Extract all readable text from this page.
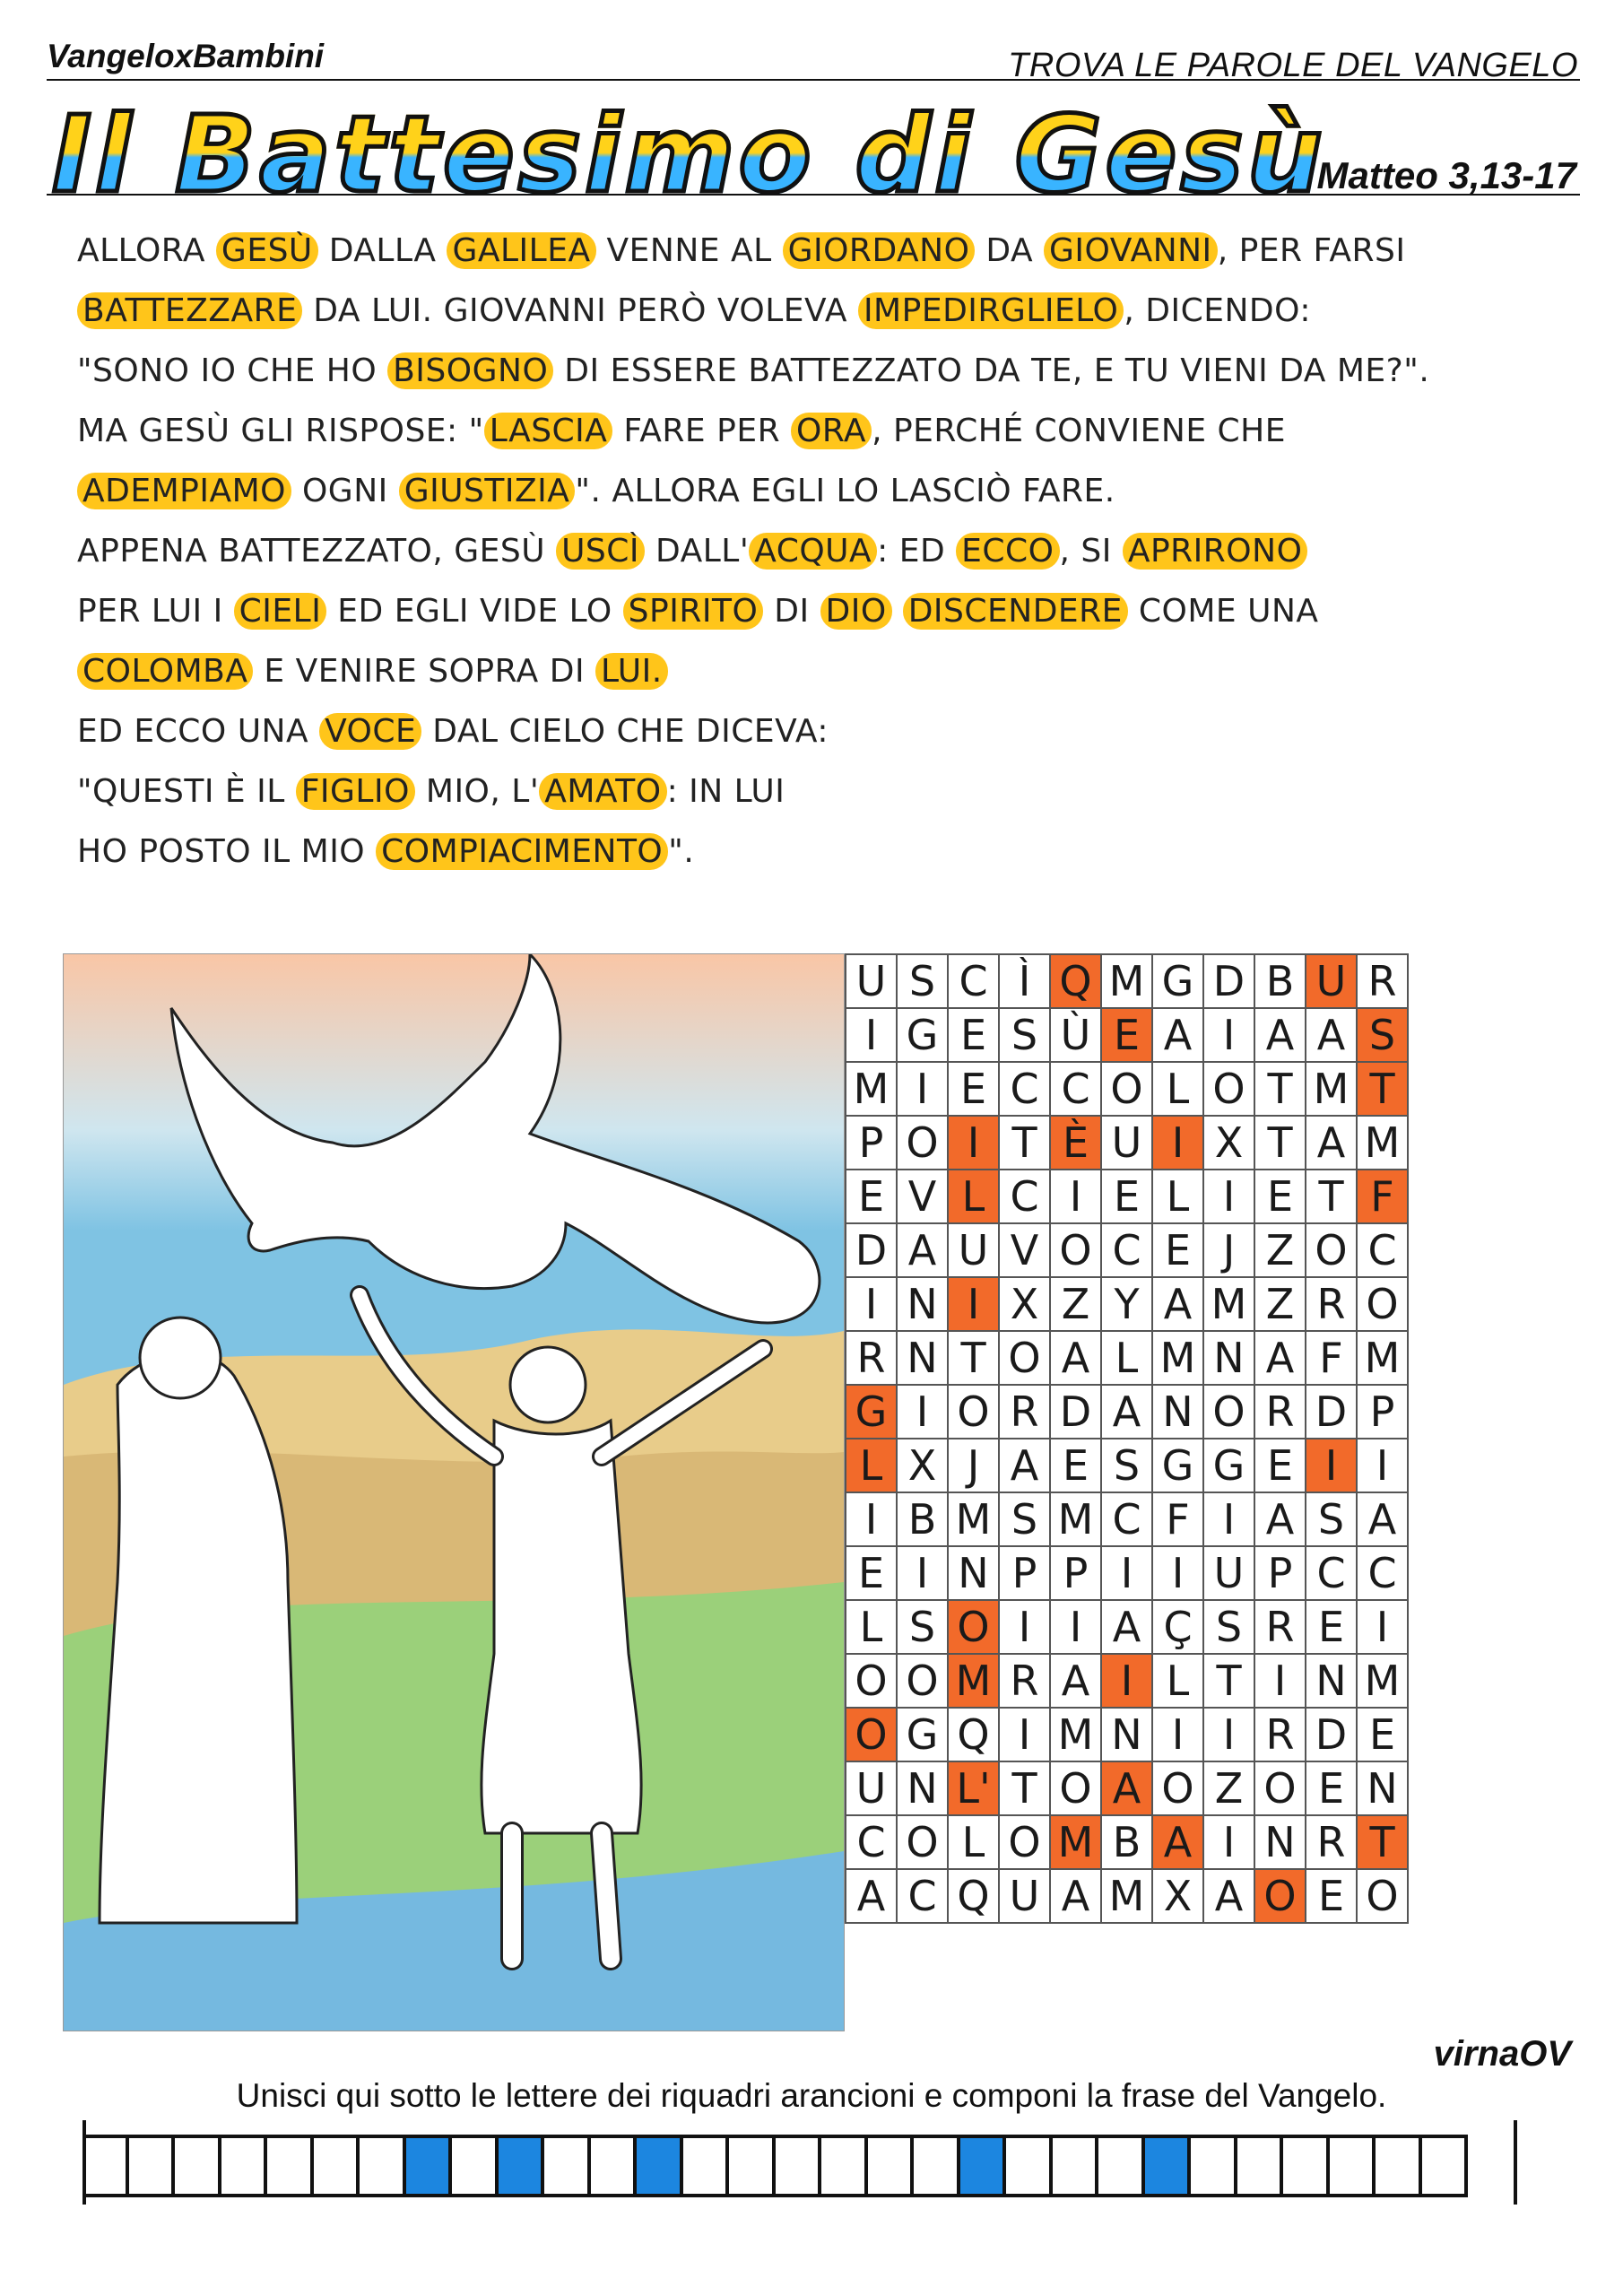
VangeloxBambini	TROVA LE PAROLE DEL VANGELO
Il Battesimo di Gesù
Matteo 3,13-17
ALLORA GESÙ DALLA GALILEA VENNE AL GIORDANO DA GIOVANNI , PER FARSI
BATTEZZARE DA LUI. GIOVANNI PERÒ VOLEVA IMPEDIRGLIELO , DICENDO:
"SONO IO CHE HO BISOGNO DI ESSERE BATTEZZATO DA TE, E TU VIENI DA ME?".
MA GESÙ GLI RISPOSE: " LASCIA FARE PER ORA , PERCHÉ CONVIENE CHE
ADEMPIAMO OGNI GIUSTIZIA ". ALLORA EGLI LO LASCIÒ FARE.
APPENA BATTEZZATO, GESÙ USCÌ DALL' ACQUA : ED ECCO , SI APRIRONO
PER LUI I CIELI ED EGLI VIDE LO SPIRITO DI DIO DISCENDERE COME UNA
COLOMBA E VENIRE SOPRA DI LUI.
ED ECCO UNA VOCE DAL CIELO CHE DICEVA:
"QUESTI È IL FIGLIO MIO, L' AMATO : IN LUI
HO POSTO IL MIO COMPIACIMENTO ".
U	S	C	Ì	Q	M	G	D	B	U	R
I	G	E	S	Ù	E	A	I	A	A	S
M	I	E	C	C	O	L	O	T	M	T
P	O	I	T	È	U	I	X	T	A	M
E	V	L	C	I	E	L	I	E	T	F
D	A	U	V	O	C	E	J	Z	O	C
I	N	I	X	Z	Y	A	M	Z	R	O
R	N	T	O	A	L	M	N	A	F	M
G	I	O	R	D	A	N	O	R	D	P
L	X	J	A	E	S	G	G	E	I	I
I	B	M	S	M	C	F	I	A	S	A
E	I	N	P	P	I	I	U	P	C	C
L	S	O	I	I	A	Ç	S	R	E	I
O	O	M	R	A	I	L	T	I	N	M
O	G	Q	I	M	N	I	I	R	D	E
U	N	L'	T	O	A	O	Z	O	E	N
C	O	L	O	M	B	A	I	N	R	T
A	C	Q	U	A	M	X	A	O	E	O
virnaOV
Unisci qui sotto le lettere dei riquadri arancioni e componi la frase del Vangelo.
